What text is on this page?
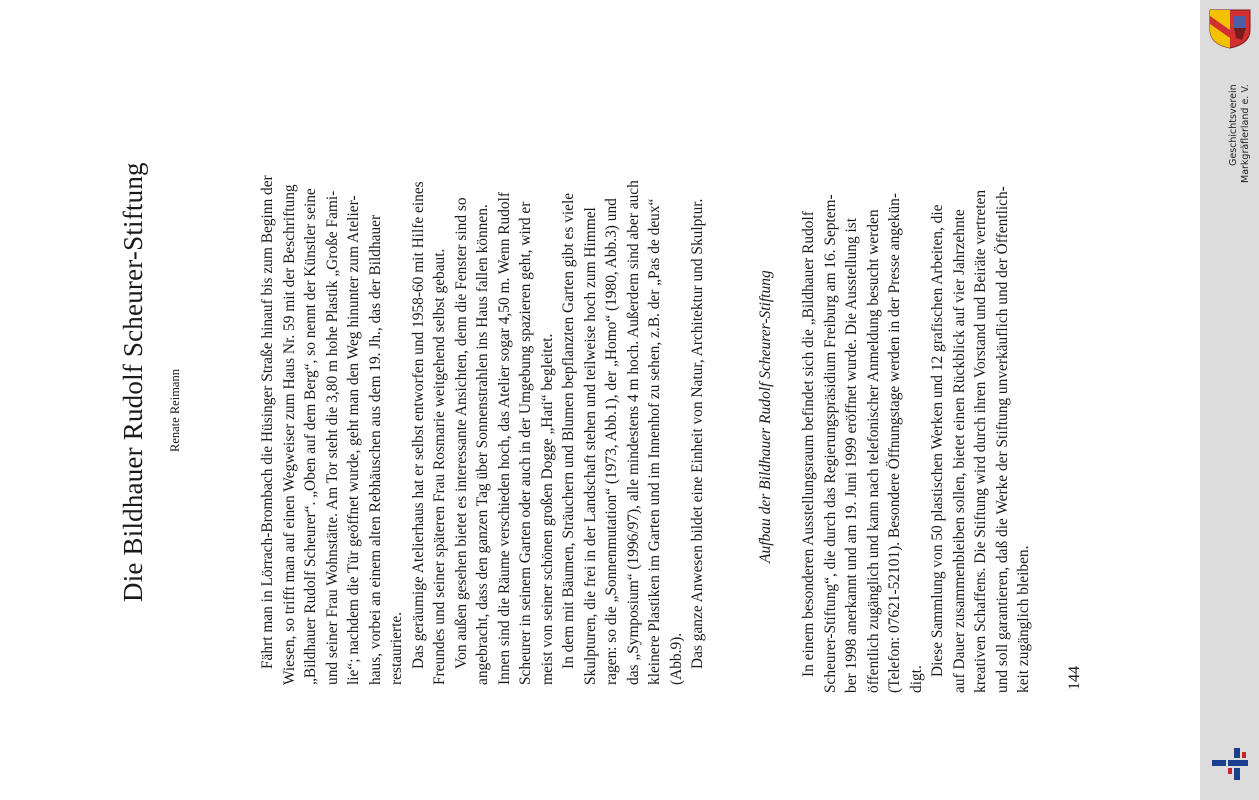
Die Bildhauer Rudolf Scheurer-Stiftung Renate Reimann	Fährt man in Lörrach-Brombach die Hüsinger Straße hinauf bis zum Beginn der Wiesen, so trifft man auf einen Wegweiser zum Haus Nr. 59 mit der Beschriftung „Bildhauer Rudolf Scheurer“. „Oben auf dem Berg“, so nennt der Künstler seine und seiner Frau Wohnstätte. Am Tor steht die 3,80 m hohe Plastik „Große Fami- lie“; nachdem die Tür geöffnet wurde, geht man den Weg hinunter zum Atelier- haus, vorbei an einem alten Rebhäuschen aus dem 19. Jh., das der Bildhauer restaurierte. Das geräumige Atelierhaus hat er selbst entworfen und 1958-60 mit Hilfe eines Freundes und seiner späteren Frau Rosmarie weitgehend selbst gebaut. Von außen gesehen bietet es interessante Ansichten, denn die Fenster sind so angebracht, dass den ganzen Tag über Sonnenstrahlen ins Haus fallen können. Innen sind die Räume verschieden hoch, das Atelier sogar 4,50 m. Wenn Rudolf Scheurer in seinem Garten oder auch in der Umgebung spazieren geht, wird er meist von seiner schönen großen Dogge „Hati“ begleitet. In dem mit Bäumen, Sträuchern und Blumen bepflanzten Garten gibt es viele Skulpturen, die frei in der Landschaft stehen und teilweise hoch zum Himmel ragen: so die „Sonnenmutation“ (1973, Abb.1), der „Homo“ (1980, Abb.3) und das „Symposium“ (1996/97), alle mindestens 4 m hoch. Außerdem sind aber auch kleinere Plastiken im Garten und im Innenhof zu sehen, z.B. der „Pas de deux“ (Abb.9). Das ganze Anwesen bildet eine Einheit von Natur, Architektur und Skulptur.	Aufbau der Bildhauer Rudolf Scheurer-Stiftung In einem besonderen Ausstellungsraum befindet sich die „Bildhauer Rudolf Scheurer-Stiftung“, die durch das Regierungspräsidium Freiburg am 16. Septem- ber 1998 anerkannt und am 19. Juni 1999 eröffnet wurde. Die Ausstellung ist öffentlich zugänglich und kann nach telefonischer Anmeldung besucht werden (Telefon: 07621-52101). Besondere Öffnungstage werden in der Presse angekün- digt.

Diese Sammlung von 50 plastischen Werken und 12 grafischen Arbeiten, die auf Dauer zusammenbleiben sollen, bietet einen Rückblick auf vier Jahrzehnte kreativen Schaffens. Die Stiftung wird durch ihren Vorstand und Beiräte vertreten und soll garantieren, daß die Werke der Stiftung unverkäuflich und der Öffentlich- keit zugänglich bleiben. 144
Geschichtsverein Markgräflerland e. V.
